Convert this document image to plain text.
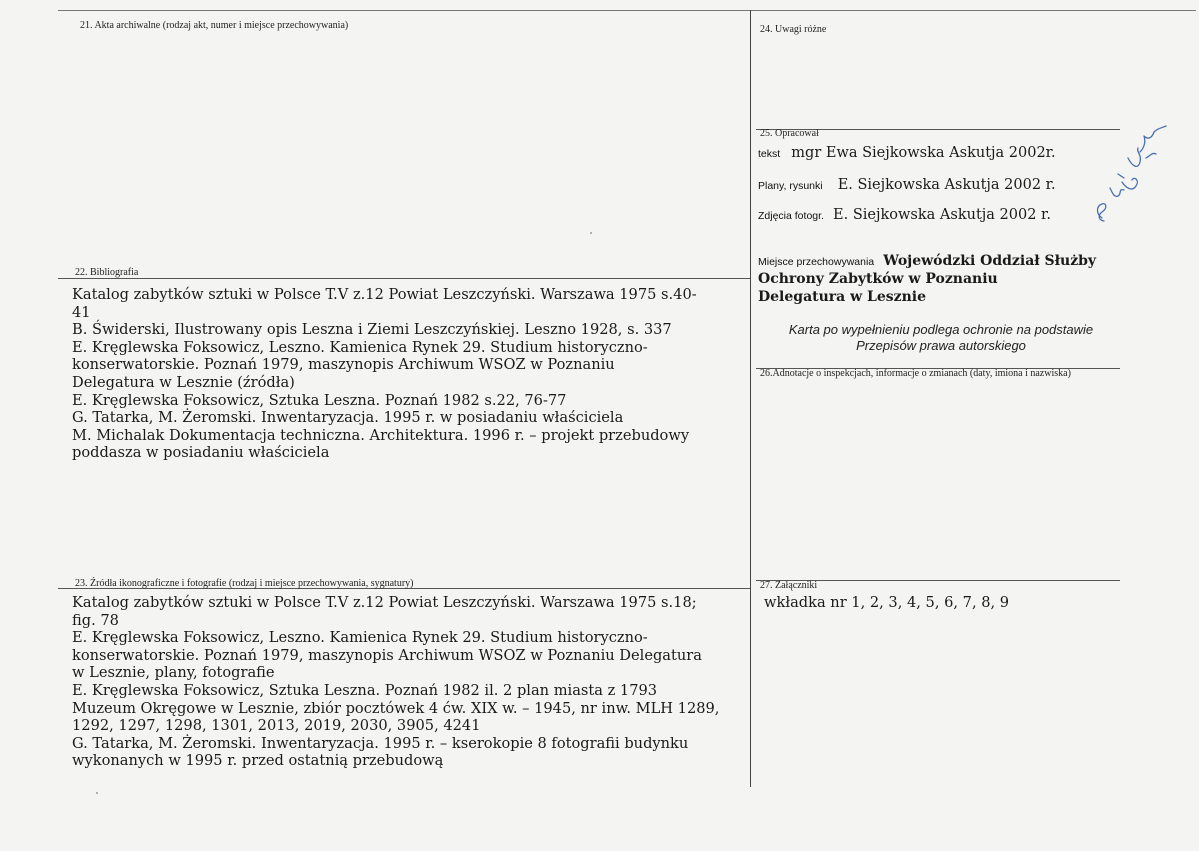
21. Akta archiwalne (rodzaj akt, numer i miejsce przechowywania)
22. Bibliografia
Katalog zabytków sztuki w Polsce T.V z.12 Powiat Leszczyński. Warszawa 1975 s.40-
41
B. Świderski, Ilustrowany opis Leszna i Ziemi Leszczyńskiej. Leszno 1928, s. 337
E. Kręglewska Foksowicz, Leszno. Kamienica Rynek 29. Studium historyczno-
konserwatorskie. Poznań 1979, maszynopis Archiwum WSOZ w Poznaniu
Delegatura w Lesznie (źródła)
E. Kręglewska Foksowicz, Sztuka Leszna. Poznań 1982 s.22, 76-77
G. Tatarka, M. Żeromski. Inwentaryzacja. 1995 r. w posiadaniu właściciela
M. Michalak Dokumentacja techniczna. Architektura. 1996 r. – projekt przebudowy
poddasza w posiadaniu właściciela
23. Źródła ikonograficzne i fotografie (rodzaj i miejsce przechowywania, sygnatury)
Katalog zabytków sztuki w Polsce T.V z.12 Powiat Leszczyński. Warszawa 1975 s.18;
fig. 78
E. Kręglewska Foksowicz, Leszno. Kamienica Rynek 29. Studium historyczno-
konserwatorskie. Poznań 1979, maszynopis Archiwum WSOZ w Poznaniu Delegatura
w Lesznie, plany, fotografie
E. Kręglewska Foksowicz, Sztuka Leszna. Poznań 1982 il. 2 plan miasta z 1793
Muzeum Okręgowe w Lesznie, zbiór pocztówek 4 ćw. XIX w. – 1945, nr inw. MLH 1289,
1292, 1297, 1298, 1301, 2013, 2019, 2030, 3905, 4241
G. Tatarka, M. Żeromski. Inwentaryzacja. 1995 r. – kserokopie 8 fotografii budynku
wykonanych w 1995 r. przed ostatnią przebudową
24. Uwagi różne
25. Opracował
tekst mgr Ewa Siejkowska Askutja 2002r.
Plany, rysunki E. Siejkowska Askutja 2002 r.
Zdjęcia fotogr. E. Siejkowska Askutja 2002 r.
Miejsce przechowywania Wojewódzki Oddział Służby
Ochrony Zabytków w Poznaniu
Delegatura w Lesznie
Karta po wypełnieniu podlega ochronie na podstawie
Przepisów prawa autorskiego
26.Adnotacje o inspekcjach, informacje o zmianach (daty, imiona i nazwiska)
27. Załączniki
wkładka nr 1, 2, 3, 4, 5, 6, 7, 8, 9
